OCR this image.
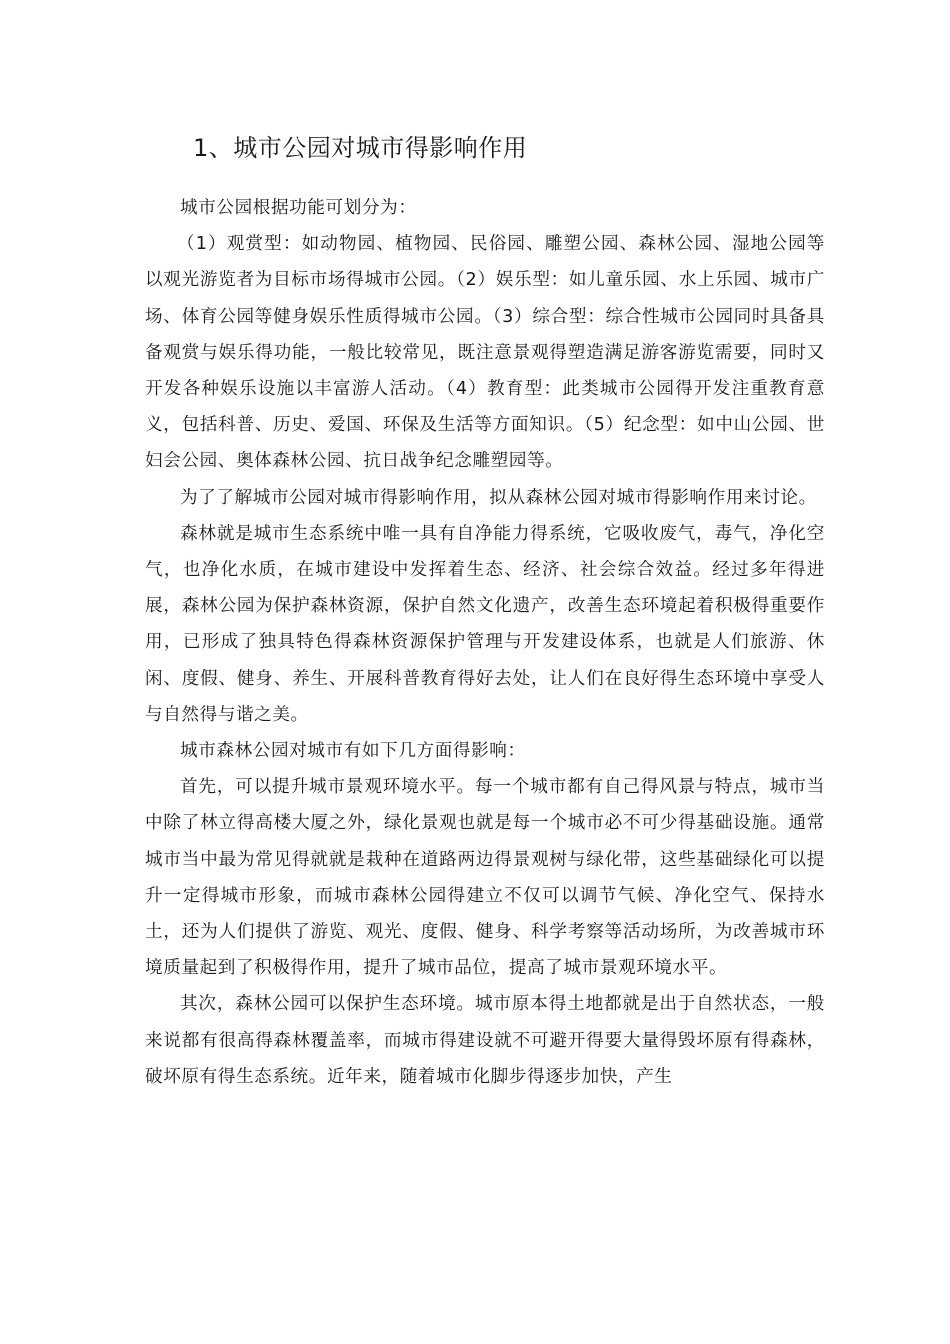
1、城市公园对城市得影响作用

城市公园根据功能可划分为：

（1）观赏型：如动物园、植物园、民俗园、雕塑公园、森林公园、湿地公园等以观光游览者为目标市场得城市公园。（2）娱乐型：如儿童乐园、水上乐园、城市广场、体育公园等健身娱乐性质得城市公园。（3）综合型：综合性城市公园同时具备具备观赏与娱乐得功能，一般比较常见，既注意景观得塑造满足游客游览需要，同时又开发各种娱乐设施以丰富游人活动。（4）教育型：此类城市公园得开发注重教育意义，包括科普、历史、爱国、环保及生活等方面知识。（5）纪念型：如中山公园、世妇会公园、奥体森林公园、抗日战争纪念雕塑园等。

为了了解城市公园对城市得影响作用，拟从森林公园对城市得影响作用来讨论。

森林就是城市生态系统中唯一具有自净能力得系统，它吸收废气，毒气，净化空气，也净化水质，在城市建设中发挥着生态、经济、社会综合效益。经过多年得进展，森林公园为保护森林资源，保护自然文化遗产，改善生态环境起着积极得重要作用，已形成了独具特色得森林资源保护管理与开发建设体系，也就是人们旅游、休闲、度假、健身、养生、开展科普教育得好去处，让人们在良好得生态环境中享受人与自然得与谐之美。

城市森林公园对城市有如下几方面得影响：

首先，可以提升城市景观环境水平。每一个城市都有自己得风景与特点，城市当中除了林立得高楼大厦之外，绿化景观也就是每一个城市必不可少得基础设施。通常城市当中最为常见得就就是栽种在道路两边得景观树与绿化带，这些基础绿化可以提升一定得城市形象，而城市森林公园得建立不仅可以调节气候、净化空气、保持水土，还为人们提供了游览、观光、度假、健身、科学考察等活动场所，为改善城市环境质量起到了积极得作用，提升了城市品位，提高了城市景观环境水平。

其次，森林公园可以保护生态环境。城市原本得土地都就是出于自然状态，一般来说都有很高得森林覆盖率，而城市得建设就不可避开得要大量得毁坏原有得森林，破坏原有得生态系统。近年来，随着城市化脚步得逐步加快，产生
